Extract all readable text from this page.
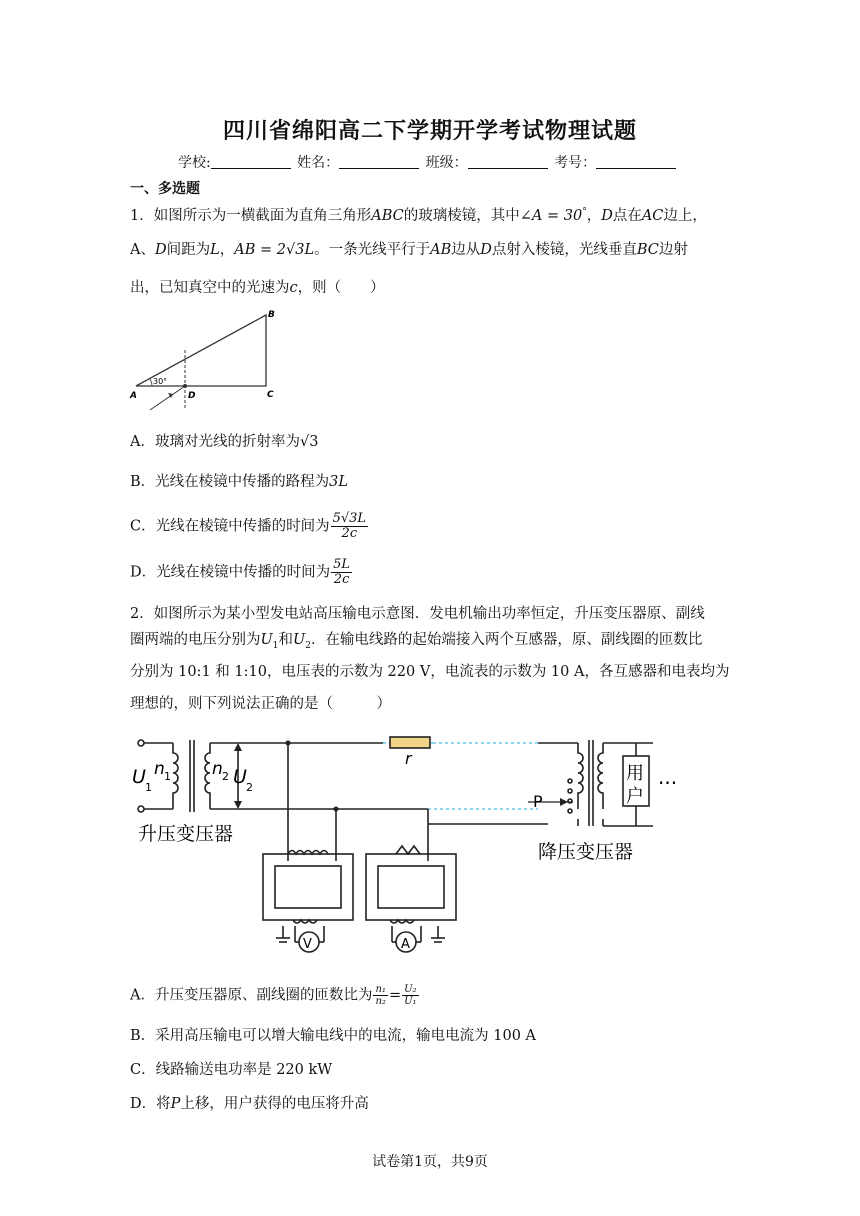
四川省绵阳高二下学期开学考试物理试题
学校:	姓名：	班级：	考号：
一、多选题
1．如图所示为一横截面为直角三角形ABC的玻璃棱镜，其中∠A = 30°，D点在AC边上，
A、D间距为L，AB = 2√3L。一条光线平行于AB边从D点射入棱镜，光线垂直BC边射
出，已知真空中的光速为c，则（　　）
B
A	C
D
30°
A．玻璃对光线的折射率为√3
B．光线在棱镜中传播的路程为3L
C．光线在棱镜中传播的时间为 $\frac{5√3L}{2c}$
D．光线在棱镜中传播的时间为 $\frac{5L}{2c}$
2．如图所示为某小型发电站高压输电示意图．发电机输出功率恒定，升压变压器原、副线
圈两端的电压分别为$U_1$和$U_2$．在输电线路的起始端接入两个互感器，原、副线圈的匝数比
分别为 10:1 和 1:10，电压表的示数为 220 V，电流表的示数为 10 A，各互感器和电表均为
理想的，则下列说法正确的是（　　　）
r
P
U 1
n 1 n 2 U 2
用
户
···
升压变压器
降压变压器
V	A
A．升压变压器原、副线圈的匝数比为 $\frac{\text{n₁}}{\text{n₂}} = \frac{\text{U₂}}{\text{U₁}}$
B．采用高压输电可以增大输电线中的电流，输电电流为 100 A
C．线路输送电功率是 220 kW
D．将P上移，用户获得的电压将升高
试卷第1页，共9页
